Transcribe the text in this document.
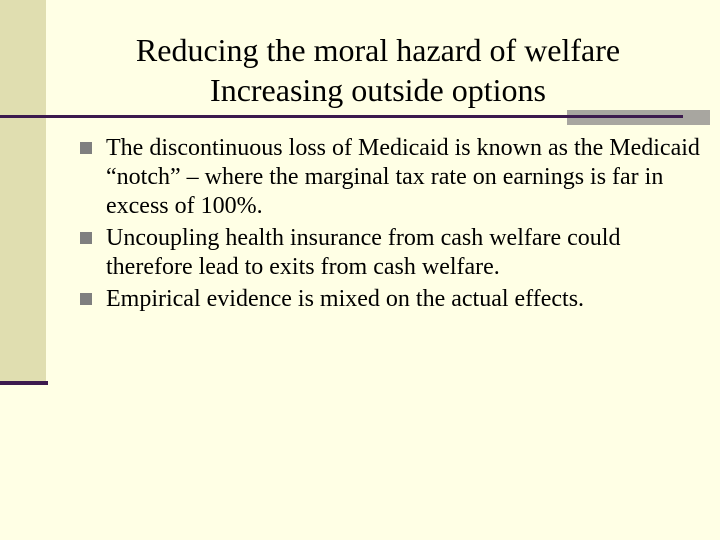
Reducing the moral hazard of welfare
Increasing outside options
The discontinuous loss of Medicaid is known as the Medicaid “notch” – where the marginal tax rate on earnings is far in excess of 100%.
Uncoupling health insurance from cash welfare could therefore lead to exits from cash welfare.
Empirical evidence is mixed on the actual effects.
